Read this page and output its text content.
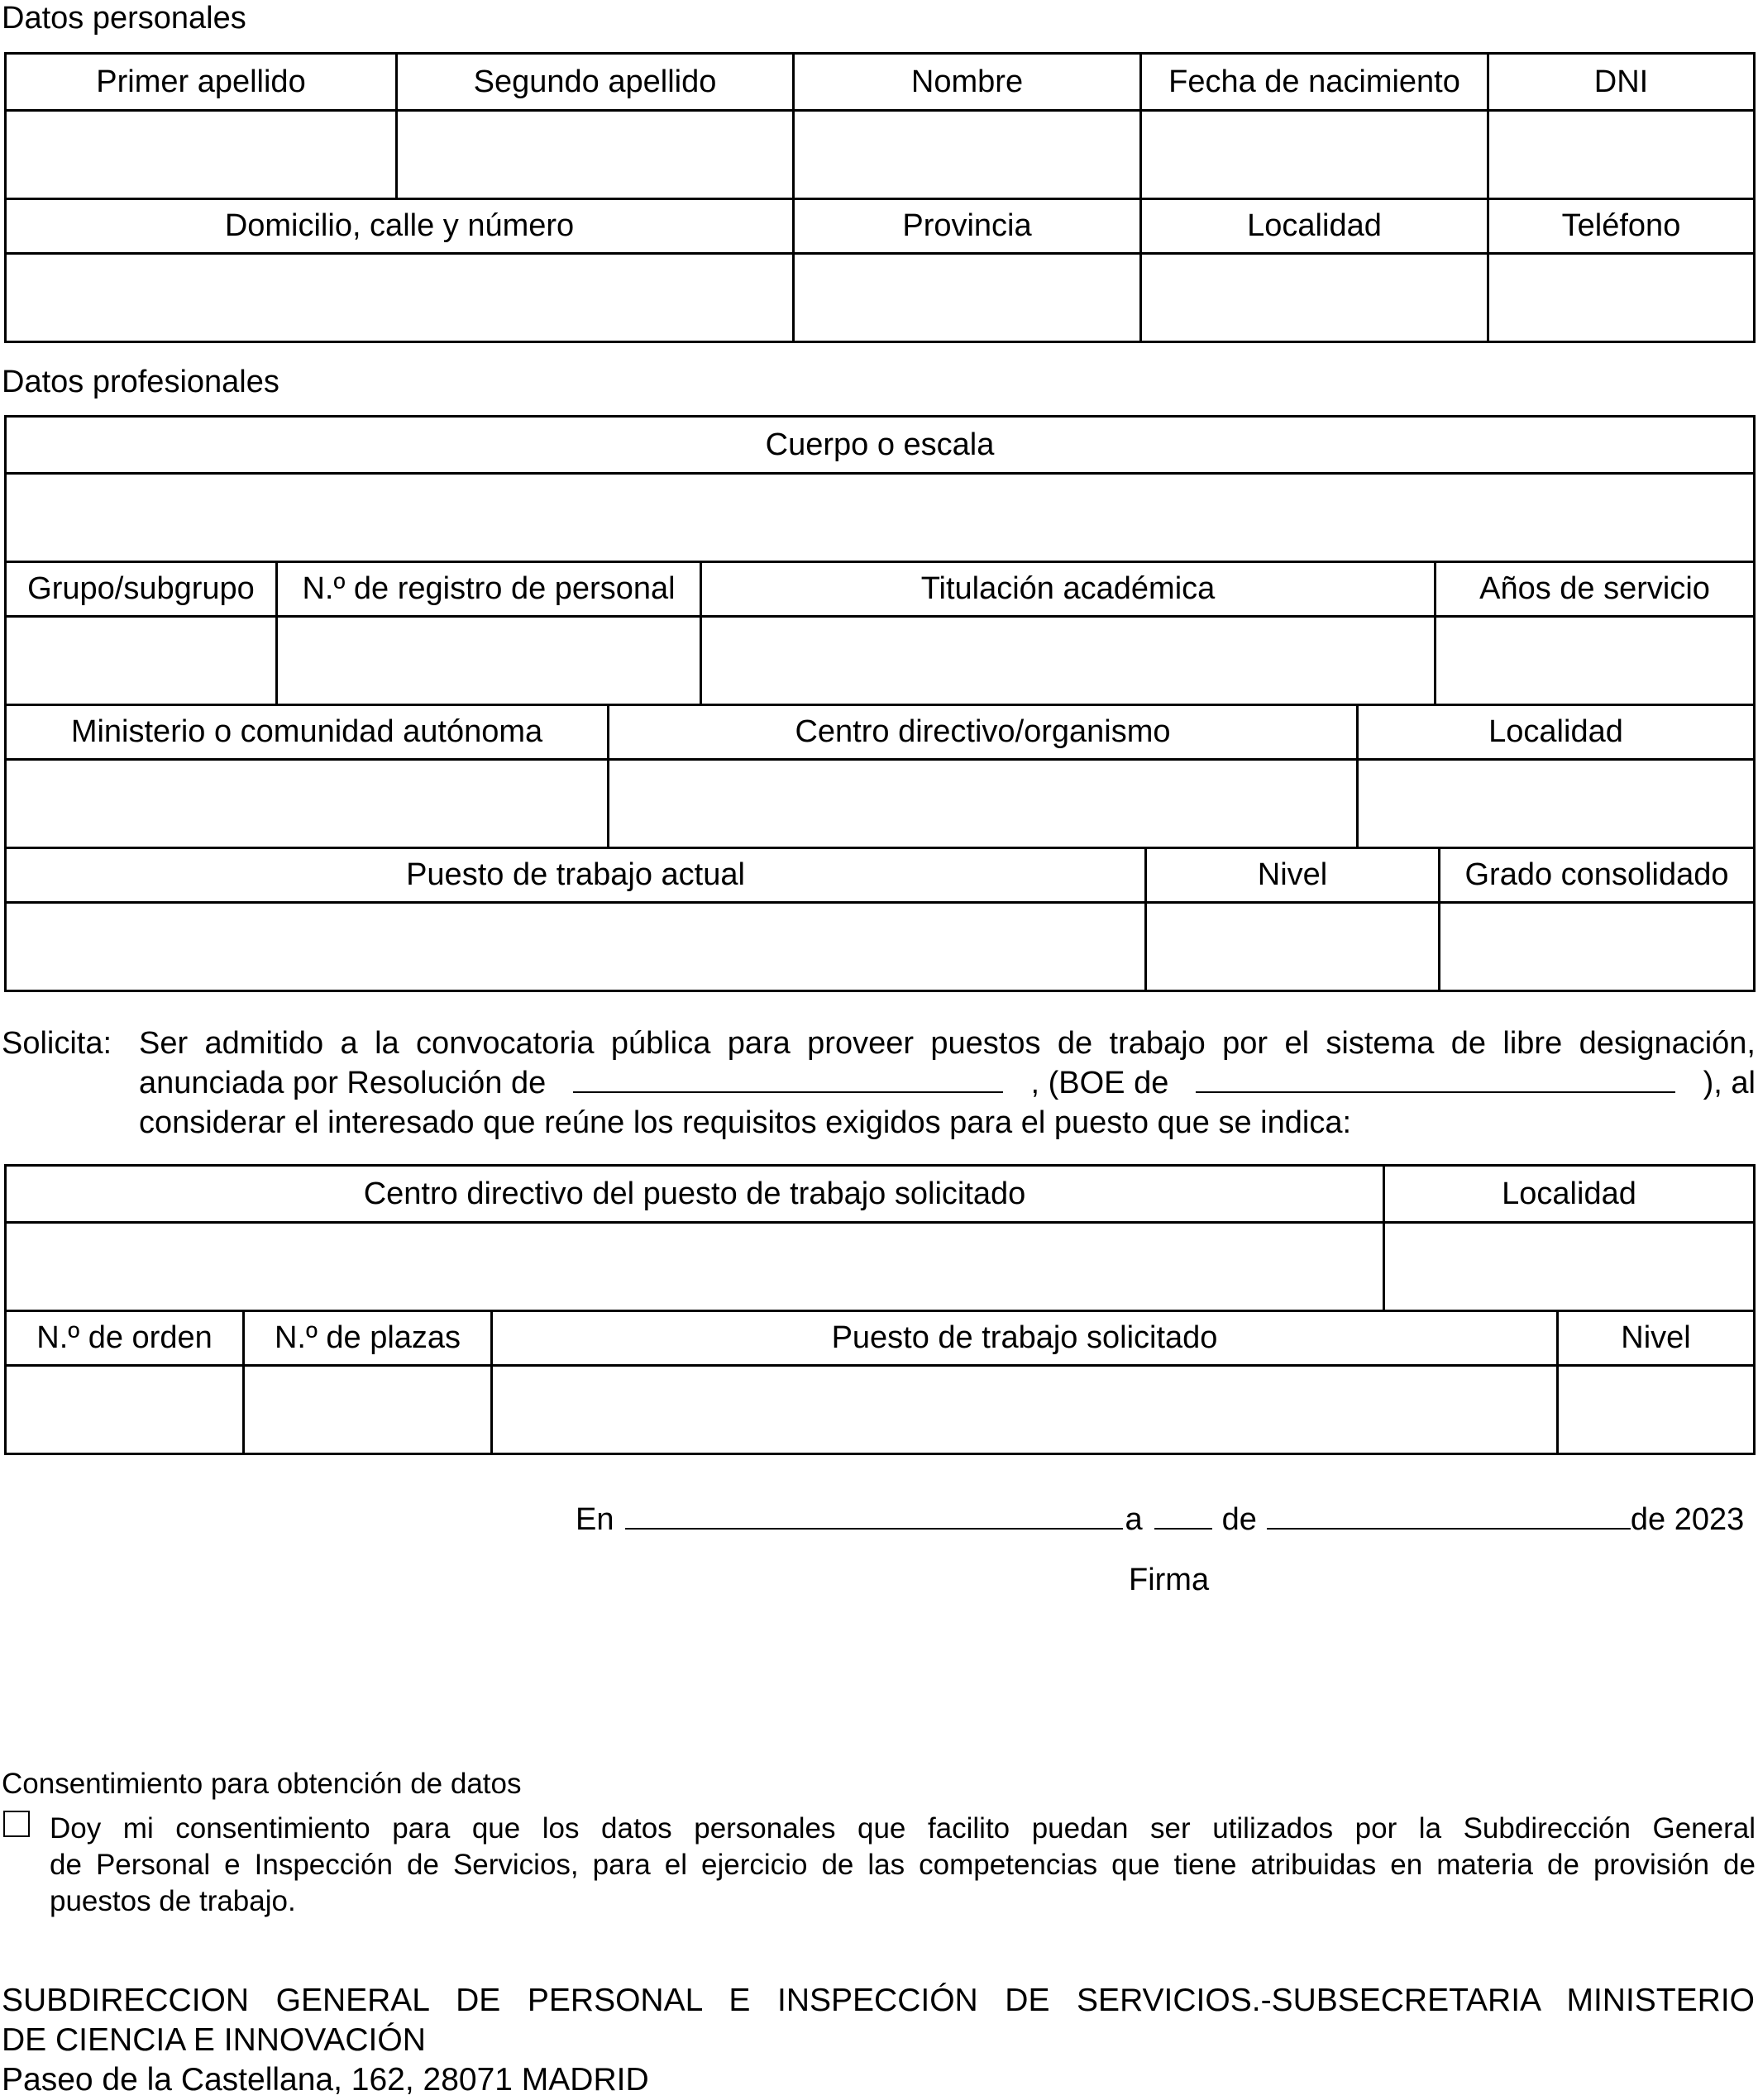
Datos personales
Primer apellido	Segundo apellido	Nombre	Fecha de nacimiento	DNI
Domicilio, calle y número	Provincia	Localidad	Teléfono
Datos profesionales
Cuerpo o escala
Grupo/subgrupo	N.º de registro de personal	Titulación académica	Años de servicio
Ministerio o comunidad autónoma	Centro directivo/organismo	Localidad
Puesto de trabajo actual	Nivel	Grado consolidado
Solicita: Ser admitido a la convocatoria pública para proveer puestos de trabajo por el sistema de libre designación,
anunciada por Resolución de	, (BOE de	), al
considerar el interesado que reúne los requisitos exigidos para el puesto que se indica:
Centro directivo del puesto de trabajo solicitado	Localidad
N.º de orden	N.º de plazas	Puesto de trabajo solicitado	Nivel
En	a	de	de 2023
Firma
Consentimiento para obtención de datos
Doy mi consentimiento para que los datos personales que facilito puedan ser utilizados por la Subdirección General
de Personal e Inspección de Servicios, para el ejercicio de las competencias que tiene atribuidas en materia de provisión de
puestos de trabajo.
SUBDIRECCION GENERAL DE PERSONAL E INSPECCIÓN DE SERVICIOS.-SUBSECRETARIA MINISTERIO
DE CIENCIA E INNOVACIÓN
Paseo de la Castellana, 162, 28071 MADRID
